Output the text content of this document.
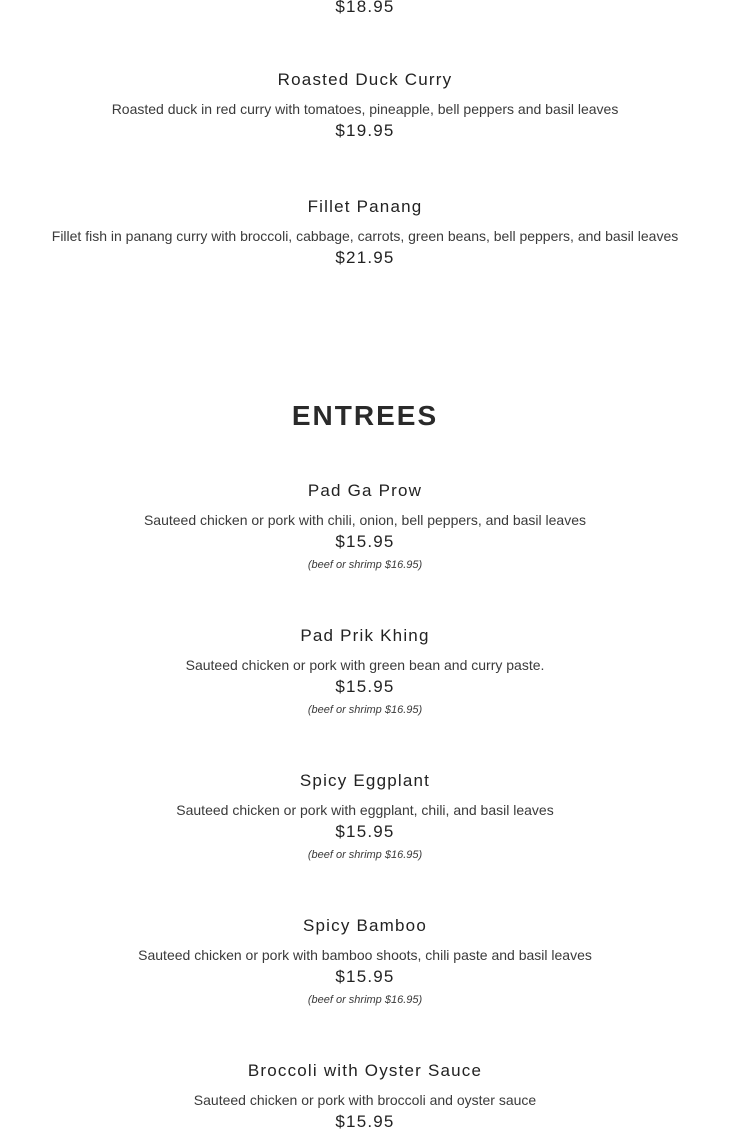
$18.95
Roasted Duck Curry
Roasted duck in red curry with tomatoes, pineapple, bell peppers and basil leaves
$19.95
Fillet Panang
Fillet fish in panang curry with broccoli, cabbage, carrots, green beans, bell peppers, and basil leaves
$21.95
ENTREES
Pad Ga Prow
Sauteed chicken or pork with chili, onion, bell peppers, and basil leaves
$15.95
(beef or shrimp $16.95)
Pad Prik Khing
Sauteed chicken or pork with green bean and curry paste.
$15.95
(beef or shrimp $16.95)
Spicy Eggplant
Sauteed chicken or pork with eggplant, chili, and basil leaves
$15.95
(beef or shrimp $16.95)
Spicy Bamboo
Sauteed chicken or pork with bamboo shoots, chili paste and basil leaves
$15.95
(beef or shrimp $16.95)
Broccoli with Oyster Sauce
Sauteed chicken or pork with broccoli and oyster sauce
$15.95
